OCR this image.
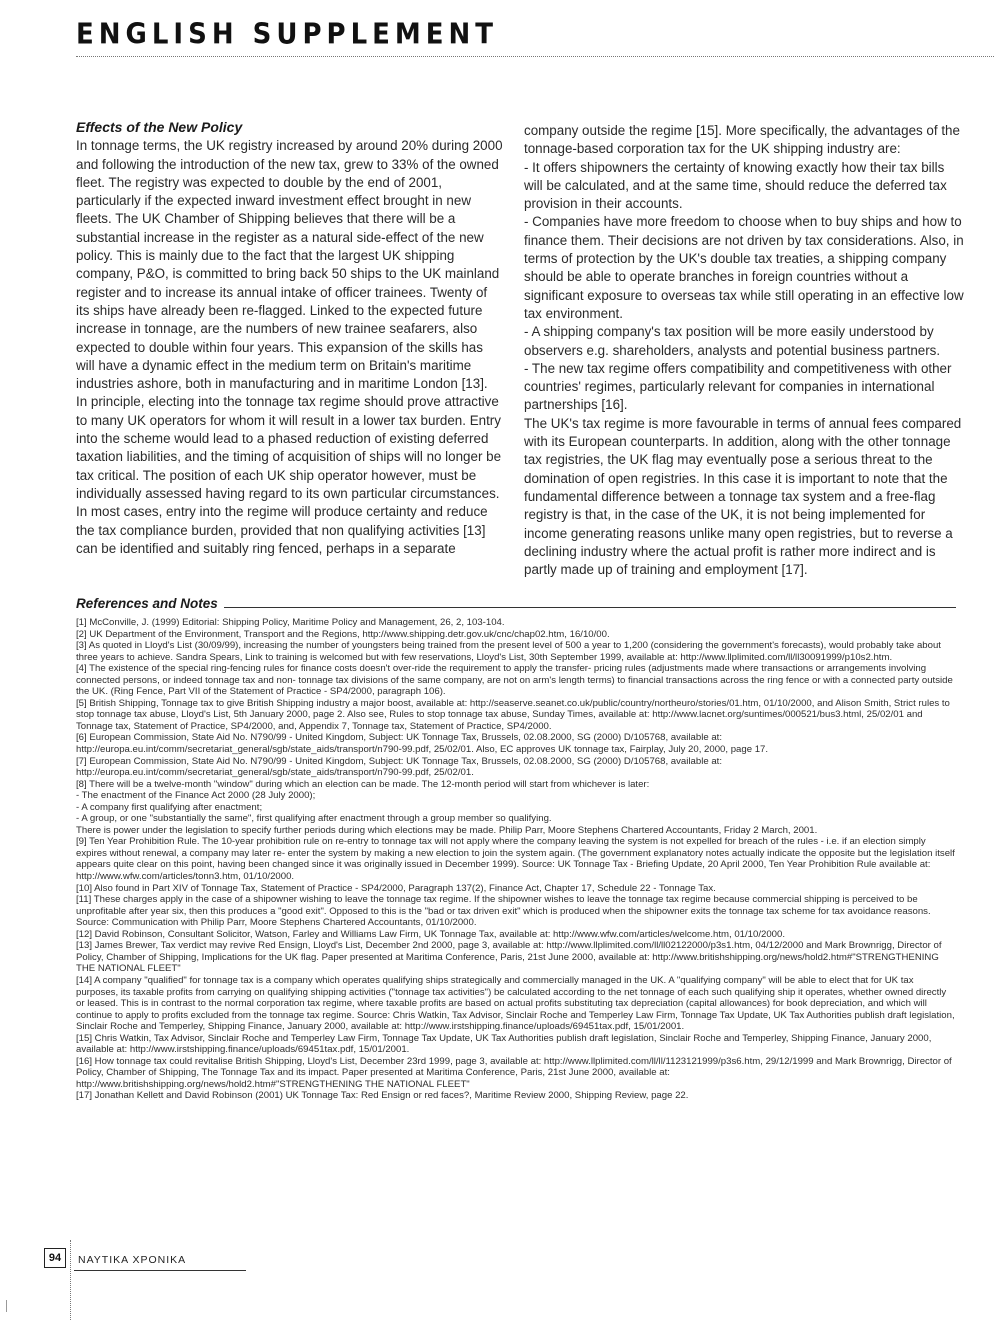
ENGLISH SUPPLEMENT
Effects of the New Policy

In tonnage terms, the UK registry increased by around 20% during 2000 and following the introduction of the new tax, grew to 33% of the owned fleet. The registry was expected to double by the end of 2001, particularly if the expected inward investment effect brought in new fleets. The UK Chamber of Shipping believes that there will be a substantial increase in the register as a natural side-effect of the new policy. This is mainly due to the fact that the largest UK shipping company, P&O, is committed to bring back 50 ships to the UK mainland register and to increase its annual intake of officer trainees. Twenty of its ships have already been re-flagged. Linked to the expected future increase in tonnage, are the numbers of new trainee seafarers, also expected to double within four years. This expansion of the skills has will have a dynamic effect in the medium term on Britain's maritime industries ashore, both in manufacturing and in maritime London [13].

In principle, electing into the tonnage tax regime should prove attractive to many UK operators for whom it will result in a lower tax burden. Entry into the scheme would lead to a phased reduction of existing deferred taxation liabilities, and the timing of acquisition of ships will no longer be tax critical. The position of each UK ship operator however, must be individually assessed having regard to its own particular circumstances.

In most cases, entry into the regime will produce certainty and reduce the tax compliance burden, provided that non qualifying activities [13] can be identified and suitably ring fenced, perhaps in a separate

company outside the regime [15]. More specifically, the advantages of the tonnage-based corporation tax for the UK shipping industry are:

- It offers shipowners the certainty of knowing exactly how their tax bills will be calculated, and at the same time, should reduce the deferred tax provision in their accounts.

- Companies have more freedom to choose when to buy ships and how to finance them. Their decisions are not driven by tax considerations. Also, in terms of protection by the UK's double tax treaties, a shipping company should be able to operate branches in foreign countries without a significant exposure to overseas tax while still operating in an effective low tax environment.

- A shipping company's tax position will be more easily understood by observers e.g. shareholders, analysts and potential business partners.

- The new tax regime offers compatibility and competitiveness with other countries' regimes, particularly relevant for companies in international partnerships [16].

The UK's tax regime is more favourable in terms of annual fees compared with its European counterparts. In addition, along with the other tonnage tax registries, the UK flag may eventually pose a serious threat to the domination of open registries. In this case it is important to note that the fundamental difference between a tonnage tax system and a free-flag registry is that, in the case of the UK, it is not being implemented for income generating reasons unlike many open registries, but to reverse a declining industry where the actual profit is rather more indirect and is partly made up of training and employment [17].

References and Notes

[1] McConville, J. (1999) Editorial: Shipping Policy, Maritime Policy and Management, 26, 2, 103-104.

[2] UK Department of the Environment, Transport and the Regions, http://www.shipping.detr.gov.uk/cnc/chap02.htm, 16/10/00.

[3] As quoted in Lloyd's List (30/09/99), increasing the number of youngsters being trained from the present level of 500 a year to 1,200 (considering the government's forecasts), would probably take about three years to achieve. Sandra Spears, Link to training is welcomed but with few reservations, Lloyd's List, 30th September 1999, available at: http://www.llplimited.com/ll/ll30091999/p10s2.htm.

[4] The existence of the special ring-fencing rules for finance costs doesn't over-ride the requirement to apply the transfer- pricing rules (adjustments made where transactions or arrangements involving connected persons, or indeed tonnage tax and non- tonnage tax divisions of the same company, are not on arm's length terms) to financial transactions across the ring fence or with a connected party outside the UK. (Ring Fence, Part VII of the Statement of Practice - SP4/2000, paragraph 106).

[5] British Shipping, Tonnage tax to give British Shipping industry a major boost, available at: http://seaserve.seanet.co.uk/public/country/northeuro/stories/01.htm, 01/10/2000, and Alison Smith, Strict rules to stop tonnage tax abuse, Lloyd's List, 5th January 2000, page 2. Also see, Rules to stop tonnage tax abuse, Sunday Times, available at: http://www.lacnet.org/suntimes/000521/bus3.html, 25/02/01 and Tonnage tax, Statement of Practice, SP4/2000, and, Appendix 7, Tonnage tax, Statement of Practice, SP4/2000.

[6] European Commission, State Aid No. N790/99 - United Kingdom, Subject: UK Tonnage Tax, Brussels, 02.08.2000, SG (2000) D/105768, available at: http://europa.eu.int/comm/secretariat_general/sgb/state_aids/transport/n790-99.pdf, 25/02/01. Also, EC approves UK tonnage tax, Fairplay, July 20, 2000, page 17.

[7] European Commission, State Aid No. N790/99 - United Kingdom, Subject: UK Tonnage Tax, Brussels, 02.08.2000, SG (2000) D/105768, available at: http://europa.eu.int/comm/secretariat_general/sgb/state_aids/transport/n790-99.pdf, 25/02/01.

[8] There will be a twelve-month "window" during which an election can be made. The 12-month period will start from whichever is later:

- The enactment of the Finance Act 2000 (28 July 2000);

- A company first qualifying after enactment;

- A group, or one "substantially the same", first qualifying after enactment through a group member so qualifying.

There is power under the legislation to specify further periods during which elections may be made. Philip Parr, Moore Stephens Chartered Accountants, Friday 2 March, 2001.

[9] Ten Year Prohibition Rule. The 10-year prohibition rule on re-entry to tonnage tax will not apply where the company leaving the system is not expelled for breach of the rules - i.e. if an election simply expires without renewal, a company may later re- enter the system by making a new election to join the system again. (The government explanatory notes actually indicate the opposite but the legislation itself appears quite clear on this point, having been changed since it was originally issued in December 1999). Source: UK Tonnage Tax - Briefing Update, 20 April 2000, Ten Year Prohibition Rule available at: http://www.wfw.com/articles/tonn3.htm, 01/10/2000.

[10] Also found in Part XIV of Tonnage Tax, Statement of Practice - SP4/2000, Paragraph 137(2), Finance Act, Chapter 17, Schedule 22 - Tonnage Tax.

[11] These charges apply in the case of a shipowner wishing to leave the tonnage tax regime. If the shipowner wishes to leave the tonnage tax regime because commercial shipping is perceived to be unprofitable after year six, then this produces a "good exit". Opposed to this is the "bad or tax driven exit" which is produced when the shipowner exits the tonnage tax scheme for tax avoidance reasons. Source: Communication with Philip Parr, Moore Stephens Chartered Accountants, 01/10/2000.

[12] David Robinson, Consultant Solicitor, Watson, Farley and Williams Law Firm, UK Tonnage Tax, available at: http://www.wfw.com/articles/welcome.htm, 01/10/2000.

[13] James Brewer, Tax verdict may revive Red Ensign, Lloyd's List, December 2nd 2000, page 3, available at: http://www.llplimited.com/ll/ll02122000/p3s1.htm, 04/12/2000 and Mark Brownrigg, Director of Policy, Chamber of Shipping, Implications for the UK flag. Paper presented at Maritima Conference, Paris, 21st June 2000, available at: http://www.britishshipping.org/news/hold2.htm#"STRENGTHENING THE NATIONAL FLEET"

[14] A company "qualified" for tonnage tax is a company which operates qualifying ships strategically and commercially managed in the UK. A "qualifying company" will be able to elect that for UK tax purposes, its taxable profits from carrying on qualifying shipping activities ("tonnage tax activities") be calculated according to the net tonnage of each such qualifying ship it operates, whether owned directly or leased. This is in contrast to the normal corporation tax regime, where taxable profits are based on actual profits substituting tax depreciation (capital allowances) for book depreciation, and which will continue to apply to profits excluded from the tonnage tax regime. Source: Chris Watkin, Tax Advisor, Sinclair Roche and Temperley Law Firm, Tonnage Tax Update, UK Tax Authorities publish draft legislation, Sinclair Roche and Temperley, Shipping Finance, January 2000, available at: http://www.irstshipping.finance/uploads/69451tax.pdf, 15/01/2001.

[15] Chris Watkin, Tax Advisor, Sinclair Roche and Temperley Law Firm, Tonnage Tax Update, UK Tax Authorities publish draft legislation, Sinclair Roche and Temperley, Shipping Finance, January 2000, available at: http://www.irstshipping.finance/uploads/69451tax.pdf, 15/01/2001.

[16] How tonnage tax could revitalise British Shipping, Lloyd's List, December 23rd 1999, page 3, available at: http://www.llplimited.com/ll/ll/1123121999/p3s6.htm, 29/12/1999 and Mark Brownrigg, Director of Policy, Chamber of Shipping, The Tonnage Tax and its impact. Paper presented at Maritima Conference, Paris, 21st June 2000, available at: http://www.britishshipping.org/news/hold2.htm#"STRENGTHENING THE NATIONAL FLEET"

[17] Jonathan Kellett and David Robinson (2001) UK Tonnage Tax: Red Ensign or red faces?, Maritime Review 2000, Shipping Review, page 22.

94	ΝΑΥΤΙΚΑ ΧΡΟΝΙΚΑ
